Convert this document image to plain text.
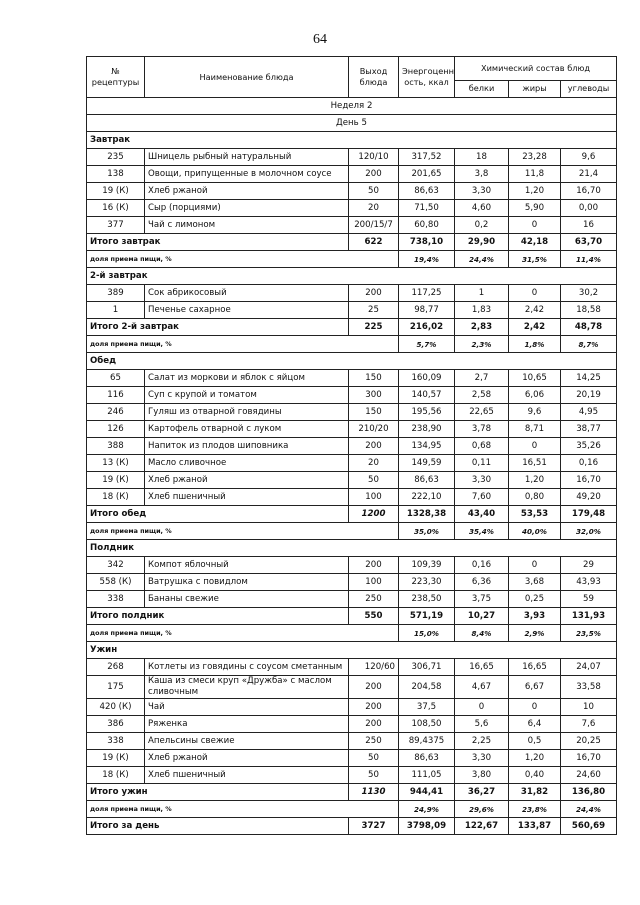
64
№ рецептуры	Наименование блюда	Выход блюда	Энергоценн ость, ккал	Химический состав блюд		
				белки	жиры	углеводы
Неделя 2						
День 5						
Завтрак						
235	Шницель рыбный натуральный	120/10	317,52	18	23,28	9,6
138	Овощи, припущенные в молочном соусе	200	201,65	3,8	11,8	21,4
19 (К)	Хлеб ржаной	50	86,63	3,30	1,20	16,70
16 (К)	Сыр (порциями)	20	71,50	4,60	5,90	0,00
377	Чай с лимоном	200/15/7	60,80	0,2	0	16
Итого завтрак		622	738,10	29,90	42,18	63,70
доля приема пищи, %			19,4%	24,4%	31,5%	11,4%
2-й завтрак						
389	Сок абрикосовый	200	117,25	1	0	30,2
1	Печенье сахарное	25	98,77	1,83	2,42	18,58
Итого 2-й завтрак		225	216,02	2,83	2,42	48,78
доля приема пищи, %			5,7%	2,3%	1,8%	8,7%
Обед						
65	Салат из моркови и яблок с яйцом	150	160,09	2,7	10,65	14,25
116	Суп с крупой и томатом	300	140,57	2,58	6,06	20,19
246	Гуляш из отварной говядины	150	195,56	22,65	9,6	4,95
126	Картофель отварной с луком	210/20	238,90	3,78	8,71	38,77
388	Напиток из плодов шиповника	200	134,95	0,68	0	35,26
13 (К)	Масло сливочное	20	149,59	0,11	16,51	0,16
19 (К)	Хлеб ржаной	50	86,63	3,30	1,20	16,70
18 (К)	Хлеб пшеничный	100	222,10	7,60	0,80	49,20
Итого обед		1200	1328,38	43,40	53,53	179,48
доля приема пищи, %			35,0%	35,4%	40,0%	32,0%
Полдник						
342	Компот яблочный	200	109,39	0,16	0	29
558 (К)	Ватрушка с повидлом	100	223,30	6,36	3,68	43,93
338	Бананы свежие	250	238,50	3,75	0,25	59
Итого полдник		550	571,19	10,27	3,93	131,93
доля приема пищи, %			15,0%	8,4%	2,9%	23,5%
Ужин						
268	Котлеты из говядины с соусом сметанным	120/60	306,71	16,65	16,65	24,07
175	Каша из смеси круп «Дружба» с маслом сливочным	200	204,58	4,67	6,67	33,58
420 (К)	Чай	200	37,5	0	0	10
386	Ряженка	200	108,50	5,6	6,4	7,6
338	Апельсины свежие	250	89,4375	2,25	0,5	20,25
19 (К)	Хлеб ржаной	50	86,63	3,30	1,20	16,70
18 (К)	Хлеб пшеничный	50	111,05	3,80	0,40	24,60
Итого ужин		1130	944,41	36,27	31,82	136,80
доля приема пищи, %			24,9%	29,6%	23,8%	24,4%
Итого за день		3727	3798,09	122,67	133,87	560,69
